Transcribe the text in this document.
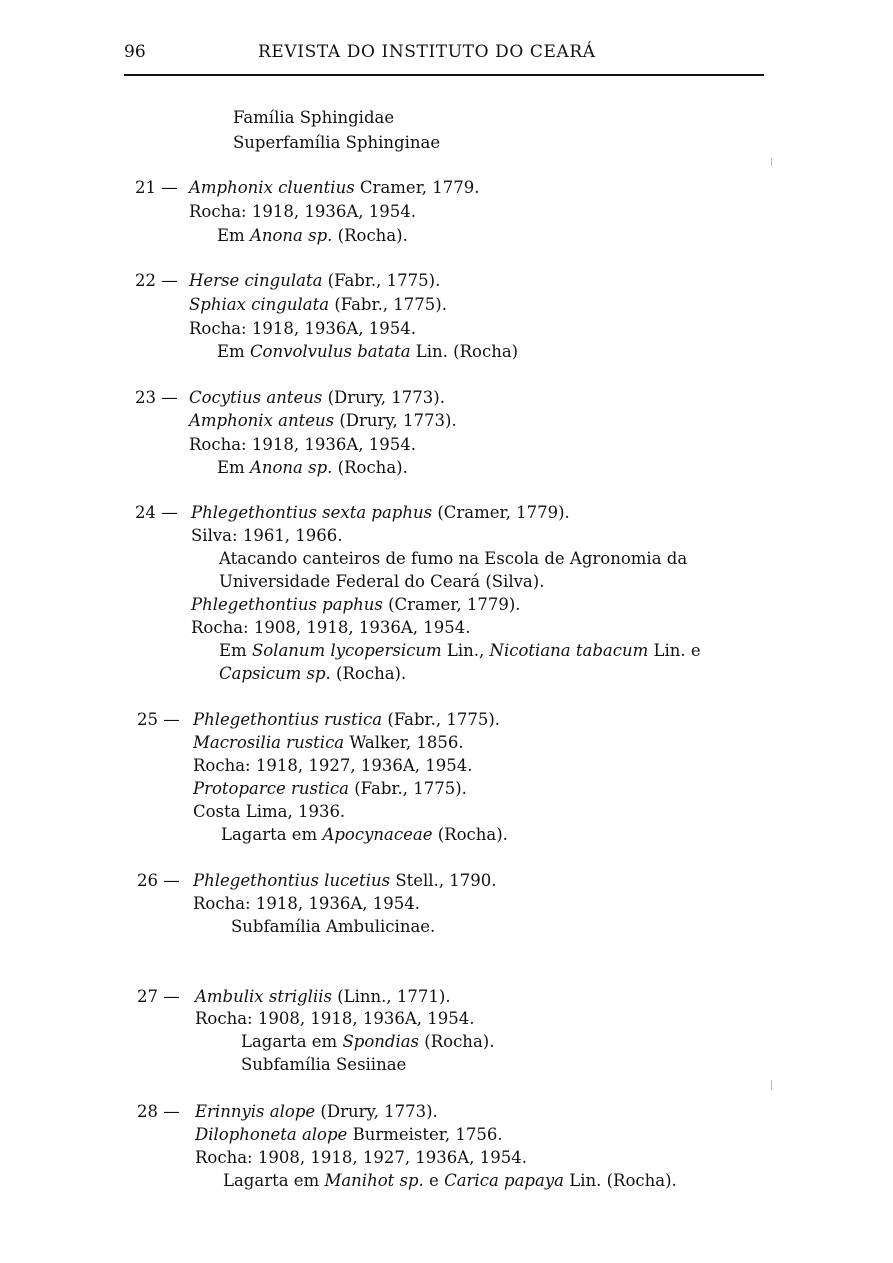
96	REVISTA DO INSTITUTO DO CEARÁ
Família Sphingidae
Superfamília Sphinginae
21 — Amphonix cluentius Cramer, 1779.
Rocha: 1918, 1936A, 1954.
Em Anona sp. (Rocha).
22 — Herse cingulata (Fabr., 1775).
Sphiax cingulata (Fabr., 1775).
Rocha: 1918, 1936A, 1954.
Em Convolvulus batata Lin. (Rocha)
23 — Cocytius anteus (Drury, 1773).
Amphonix anteus (Drury, 1773).
Rocha: 1918, 1936A, 1954.
Em Anona sp. (Rocha).
24 — Phlegethontius sexta paphus (Cramer, 1779).
Silva: 1961, 1966.
Atacando canteiros de fumo na Escola de Agronomia da
Universidade Federal do Ceará (Silva).
Phlegethontius paphus (Cramer, 1779).
Rocha: 1908, 1918, 1936A, 1954.
Em Solanum lycopersicum Lin., Nicotiana tabacum Lin. e
Capsicum sp. (Rocha).
25 — Phlegethontius rustica (Fabr., 1775).
Macrosilia rustica Walker, 1856.
Rocha: 1918, 1927, 1936A, 1954.
Protoparce rustica (Fabr., 1775).
Costa Lima, 1936.
Lagarta em Apocynaceae (Rocha).
26 — Phlegethontius lucetius Stell., 1790.
Rocha: 1918, 1936A, 1954.
Subfamília Ambulicinae.
27 — Ambulix strigliis (Linn., 1771).
Rocha: 1908, 1918, 1936A, 1954.
Lagarta em Spondias (Rocha).
Subfamília Sesiinae
28 — Erinnyis alope (Drury, 1773).
Dilophoneta alope Burmeister, 1756.
Rocha: 1908, 1918, 1927, 1936A, 1954.
Lagarta em Manihot sp. e Carica papaya Lin. (Rocha).
